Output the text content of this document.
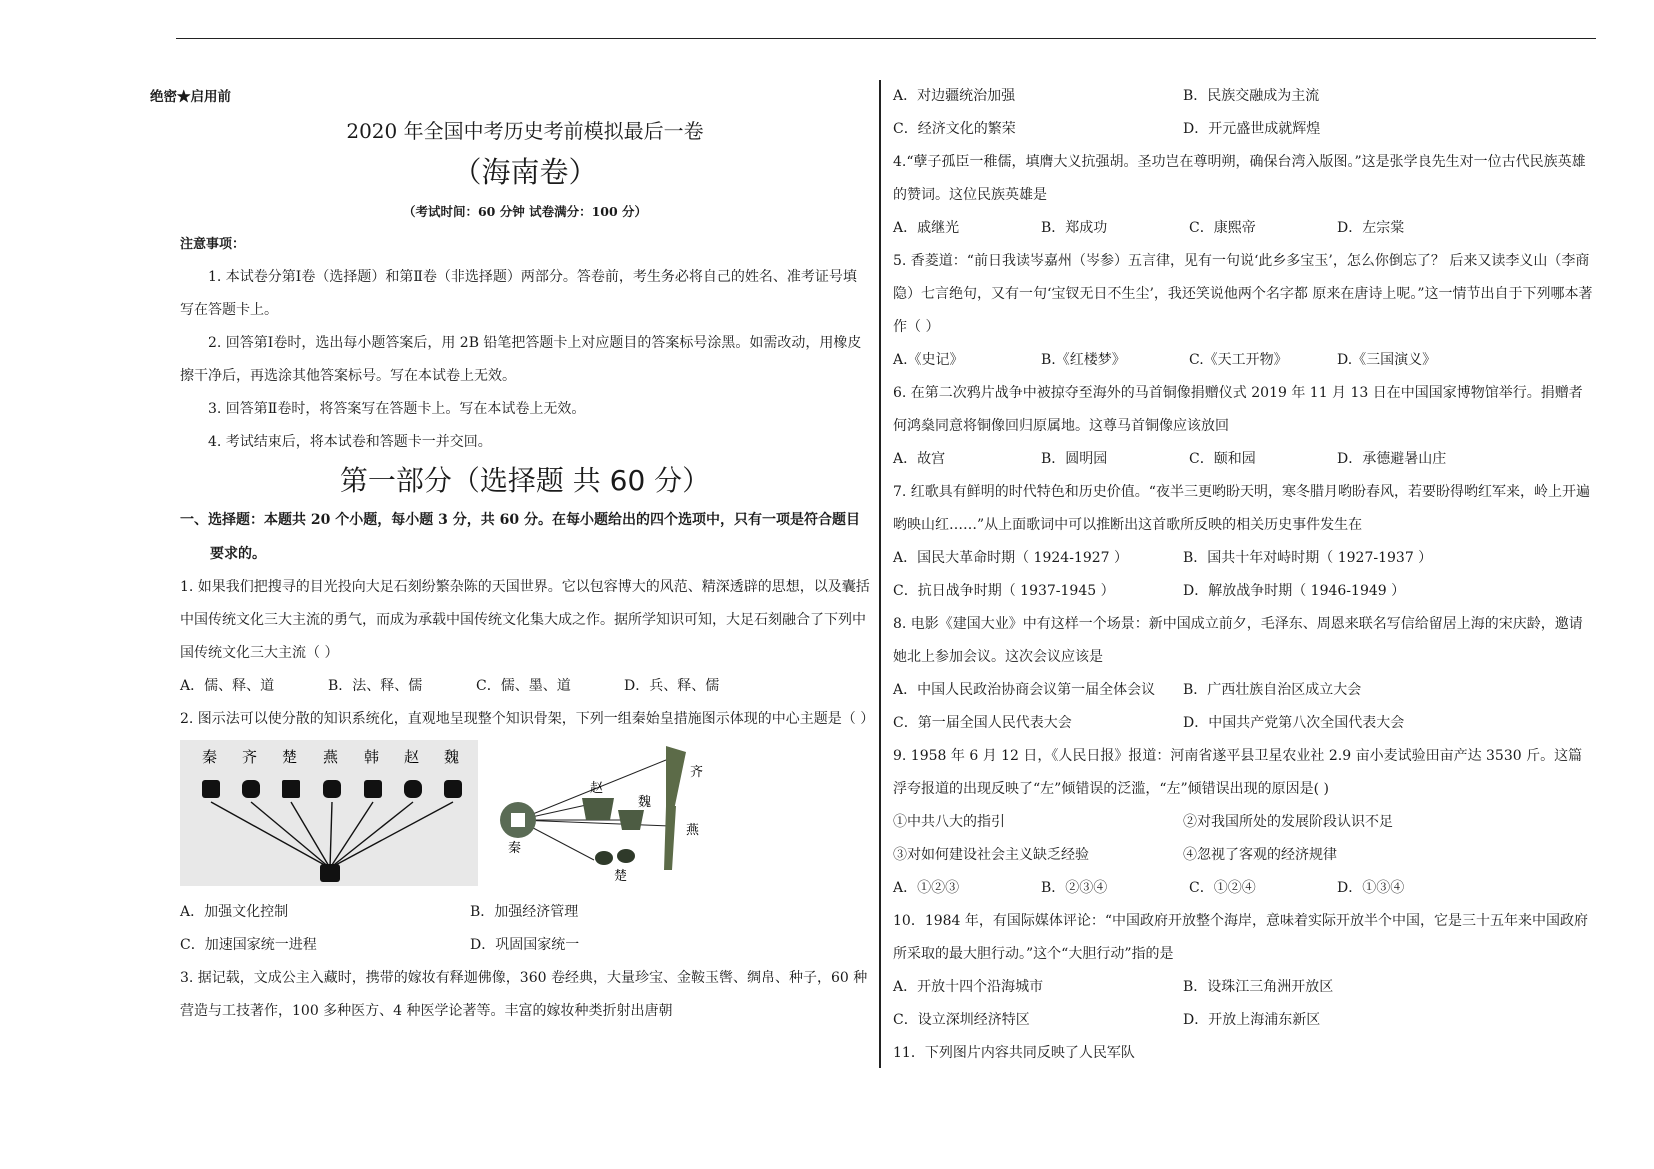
绝密★启用前

2020 年全国中考历史考前模拟最后一卷

（海南卷）

（考试时间：60 分钟 试卷满分：100 分）

注意事项：

1. 本试卷分第Ⅰ卷（选择题）和第Ⅱ卷（非选择题）两部分。答卷前，考生务必将自己的姓名、准考证号填写在答题卡上。

2. 回答第Ⅰ卷时，选出每小题答案后，用 2B 铅笔把答题卡上对应题目的答案标号涂黑。如需改动，用橡皮擦干净后，再选涂其他答案标号。写在本试卷上无效。

3. 回答第Ⅱ卷时，将答案写在答题卡上。写在本试卷上无效。

4. 考试结束后，将本试卷和答题卡一并交回。

第一部分（选择题 共 60 分）

一、选择题：本题共 20 个小题，每小题 3 分，共 60 分。在每小题给出的四个选项中，只有一项是符合题目
要求的。

1. 如果我们把搜寻的目光投向大足石刻纷繁杂陈的天国世界。它以包容博大的风范、精深透辟的思想，以及囊括中国传统文化三大主流的勇气，而成为承载中国传统文化集大成之作。据所学知识可知，大足石刻融合了下列中国传统文化三大主流（ ）

A．儒、释、道	B．法、释、儒	C．儒、墨、道	D．兵、释、儒

2. 图示法可以使分散的知识系统化，直观地呈现整个知识骨架，下列一组秦始皇措施图示体现的中心主题是（ ）

秦 齐 楚 燕 韩 赵 魏
齐
赵
魏
燕
秦
楚
A．加强文化控制	B．加强经济管理
C．加速国家统一进程	D．巩固国家统一

3. 据记载，文成公主入藏时，携带的嫁妆有释迦佛像，360 卷经典，大量珍宝、金鞍玉辔、绸帛、种子，60 种营造与工技著作，100 多种医方、4 种医学论著等。丰富的嫁妆种类折射出唐朝

A．对边疆统治加强	B．民族交融成为主流
C．经济文化的繁荣	D．开元盛世成就辉煌

4.“孽子孤臣一稚儒，填膺大义抗强胡。圣功岂在尊明朔，确保台湾入版图。”这是张学良先生对一位古代民族英雄的赞词。这位民族英雄是

A．戚继光	B．郑成功	C．康熙帝	D．左宗棠

5. 香菱道：“前日我读岑嘉州（岑参）五言律，见有一句说‘此乡多宝玉’，怎么你倒忘了？ 后来又读李义山（李商隐）七言绝句，又有一句‘宝钗无日不生尘’，我还笑说他两个名字都 原来在唐诗上呢。”这一情节出自于下列哪本著作（ ）

A.《史记》	B.《红楼梦》	C.《天工开物》	D.《三国演义》

6. 在第二次鸦片战争中被掠夺至海外的马首铜像捐赠仪式 2019 年 11 月 13 日在中国国家博物馆举行。捐赠者何鸿燊同意将铜像回归原属地。这尊马首铜像应该放回

A．故宫	B．圆明园	C．颐和园	D．承德避暑山庄

7. 红歌具有鲜明的时代特色和历史价值。“夜半三更哟盼天明，寒冬腊月哟盼春风，若要盼得哟红军来，岭上开遍哟映山红……”从上面歌词中可以推断出这首歌所反映的相关历史事件发生在

A．国民大革命时期（ 1924-1927 ）	B．国共十年对峙时期（ 1927-1937 ）
C．抗日战争时期（ 1937-1945 ）	D．解放战争时期（ 1946-1949 ）

8. 电影《建国大业》中有这样一个场景：新中国成立前夕，毛泽东、周恩来联名写信给留居上海的宋庆龄，邀请她北上参加会议。这次会议应该是

A．中国人民政治协商会议第一届全体会议	B．广西壮族自治区成立大会
C．第一届全国人民代表大会	D．中国共产党第八次全国代表大会

9. 1958 年 6 月 12 日，《人民日报》报道：河南省遂平县卫星农业社 2.9 亩小麦试验田亩产达 3530 斤。这篇浮夸报道的出现反映了“左”倾错误的泛滥，“左”倾错误出现的原因是( )

①中共八大的指引	②对我国所处的发展阶段认识不足
③对如何建设社会主义缺乏经验	④忽视了客观的经济规律
A．①②③	B．②③④	C．①②④	D．①③④

10．1984 年，有国际媒体评论：“中国政府开放整个海岸，意味着实际开放半个中国，它是三十五年来中国政府所采取的最大胆行动。”这个“大胆行动”指的是

A．开放十四个沿海城市	B．设珠江三角洲开放区
C．设立深圳经济特区	D．开放上海浦东新区

11．下列图片内容共同反映了人民军队
